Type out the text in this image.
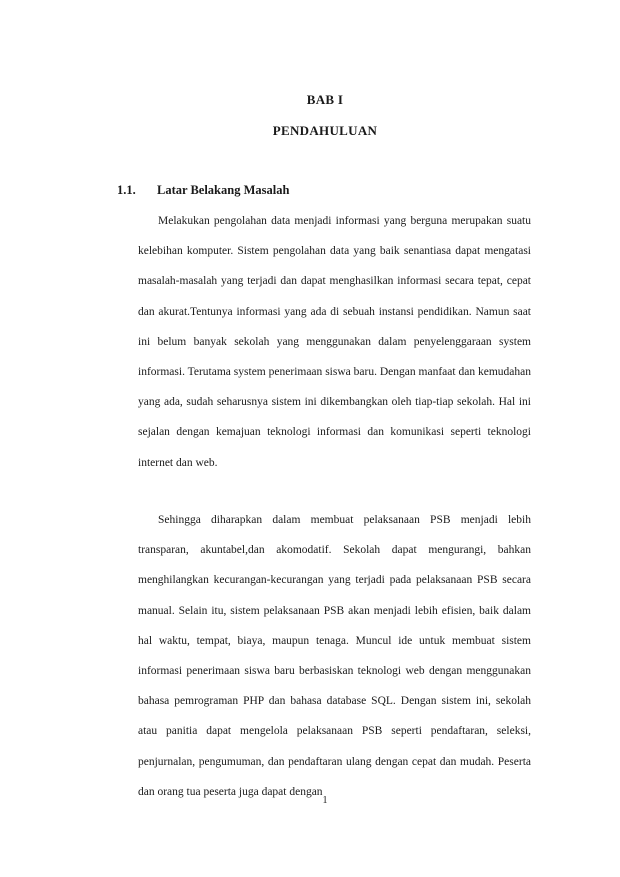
BAB I
PENDAHULUAN
1.1. Latar Belakang Masalah

Melakukan pengolahan data menjadi informasi yang berguna merupakan suatu kelebihan komputer. Sistem pengolahan data yang baik senantiasa dapat mengatasi masalah-masalah yang terjadi dan dapat menghasilkan informasi secara tepat, cepat dan akurat.Tentunya informasi yang ada di sebuah instansi pendidikan. Namun saat ini belum banyak sekolah yang menggunakan dalam penyelenggaraan system informasi. Terutama system penerimaan siswa baru. Dengan manfaat dan kemudahan yang ada, sudah seharusnya sistem ini dikembangkan oleh tiap-tiap sekolah. Hal ini sejalan dengan kemajuan teknologi informasi dan komunikasi seperti teknologi internet dan web.

Sehingga diharapkan dalam membuat pelaksanaan PSB menjadi lebih transparan, akuntabel,dan akomodatif. Sekolah dapat mengurangi, bahkan menghilangkan kecurangan-kecurangan yang terjadi pada pelaksanaan PSB secara manual. Selain itu, sistem pelaksanaan PSB akan menjadi lebih efisien, baik dalam hal waktu, tempat, biaya, maupun tenaga. Muncul ide untuk membuat sistem informasi penerimaan siswa baru berbasiskan teknologi web dengan menggunakan bahasa pemrograman PHP dan bahasa database SQL. Dengan sistem ini, sekolah atau panitia dapat mengelola pelaksanaan PSB seperti pendaftaran, seleksi, penjurnalan, pengumuman, dan pendaftaran ulang dengan cepat dan mudah. Peserta dan orang tua peserta juga dapat dengan

1
